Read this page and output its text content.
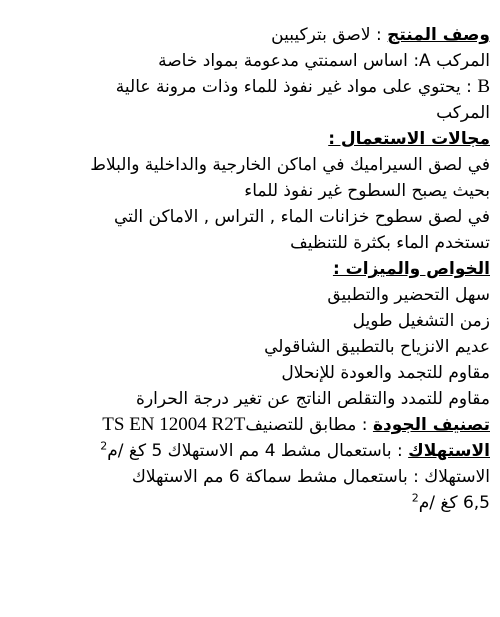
وصف المنتج : لاصق بتركيبين
المركب A: اساس اسمنتي مدعومة بمواد خاصة
B : يحتوي على مواد غير نفوذ للماء وذات مرونة عالية
المركب
مجالات الاستعمال :
في لصق السيراميك في اماكن الخارجية والداخلية والبلاط
بحيث يصبح السطوح غير نفوذ للماء
في لصق سطوح خزانات الماء , التراس , الاماكن التي
تستخدم الماء بكثرة للتنظيف
الخواص والميزات :
سهل التحضير والتطبيق
زمن التشغيل طويل
عديم الانزياح بالتطبيق الشاقولي
مقاوم للتجمد والعودة للإنحلال
مقاوم للتمدد والتقلص الناتج عن تغير درجة الحرارة
تصنيف الجودة : مطابق للتصنيفTS EN 12004 R2T
الاستهلاك : باستعمال مشط 4 مم الاستهلاك 5 كغ /م$^2$
الاستهلاك : باستعمال مشط سماكة 6 مم الاستهلاك
6,5 كغ /م$^2$
